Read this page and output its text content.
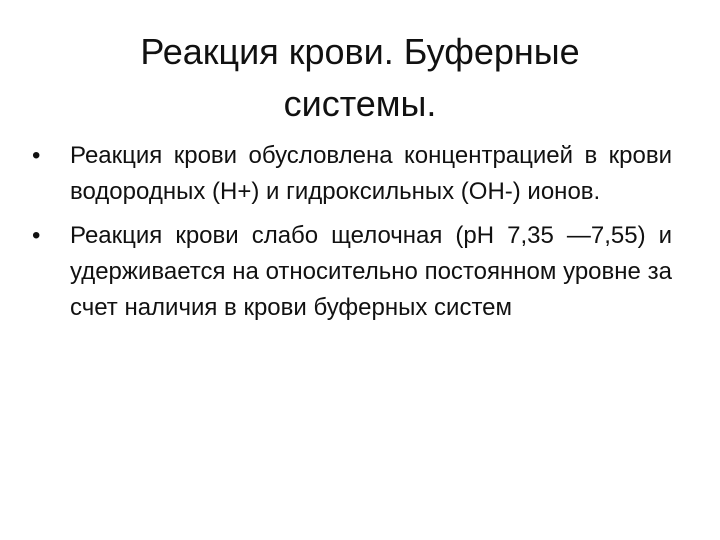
Реакция крови. Буферные системы.
• Реакция крови обусловлена концентрацией в крови водородных (Н+) и гидроксильных (ОН-) ионов.
• Реакция крови слабо щелочная (рН 7,35 —7,55) и удерживается на относительно постоянном уровне за счет наличия в крови буферных систем
